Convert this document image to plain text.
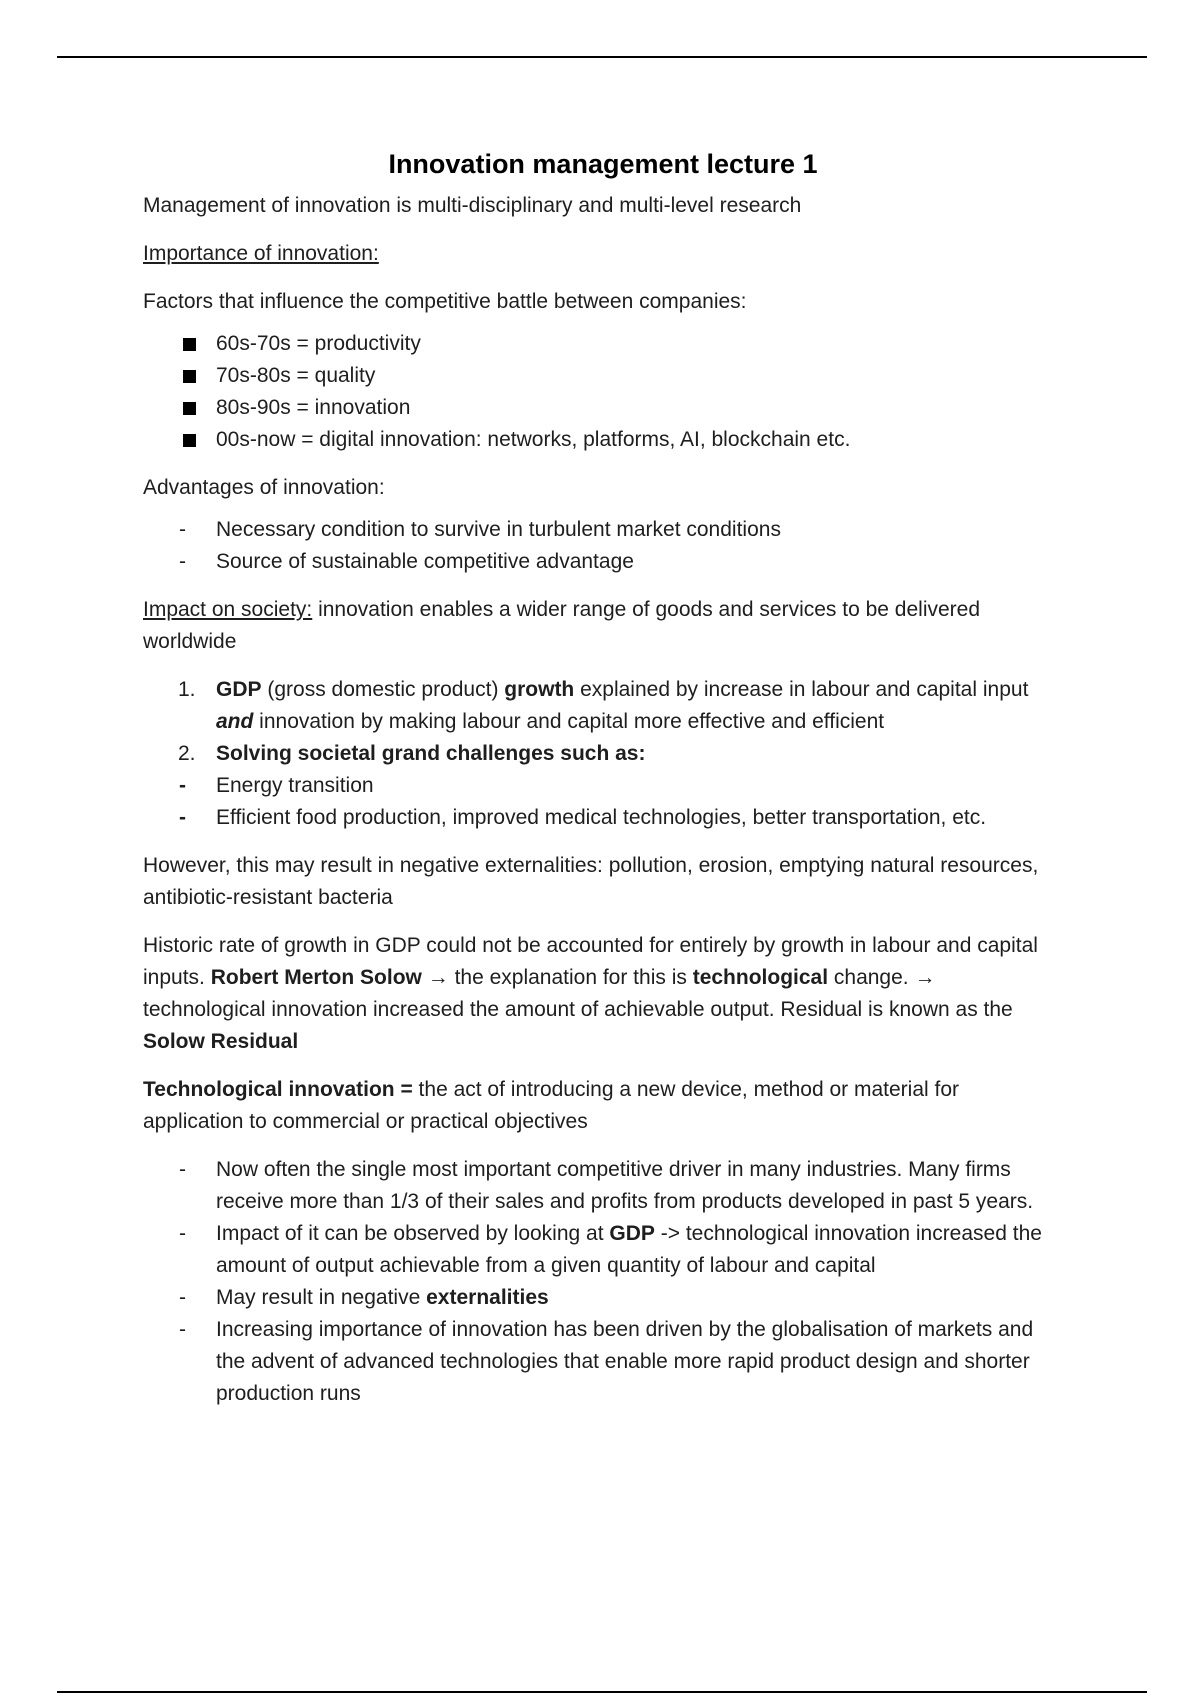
Innovation management lecture 1

Management of innovation is multi-disciplinary and multi-level research

Importance of innovation:

Factors that influence the competitive battle between companies:

60s-70s = productivity
70s-80s = quality
80s-90s = innovation
00s-now = digital innovation: networks, platforms, AI, blockchain etc.

Advantages of innovation:

- Necessary condition to survive in turbulent market conditions
- Source of sustainable competitive advantage

Impact on society: innovation enables a wider range of goods and services to be delivered worldwide

1. GDP (gross domestic product) growth explained by increase in labour and capital input and innovation by making labour and capital more effective and efficient
2. Solving societal grand challenges such as:
- Energy transition
- Efficient food production, improved medical technologies, better transportation, etc.

However, this may result in negative externalities: pollution, erosion, emptying natural resources, antibiotic-resistant bacteria

Historic rate of growth in GDP could not be accounted for entirely by growth in labour and capital inputs. Robert Merton Solow → the explanation for this is technological change. → technological innovation increased the amount of achievable output. Residual is known as the Solow Residual

Technological innovation = the act of introducing a new device, method or material for application to commercial or practical objectives

- Now often the single most important competitive driver in many industries. Many firms receive more than 1/3 of their sales and profits from products developed in past 5 years.
- Impact of it can be observed by looking at GDP -> technological innovation increased the amount of output achievable from a given quantity of labour and capital
- May result in negative externalities
- Increasing importance of innovation has been driven by the globalisation of markets and the advent of advanced technologies that enable more rapid product design and shorter production runs
